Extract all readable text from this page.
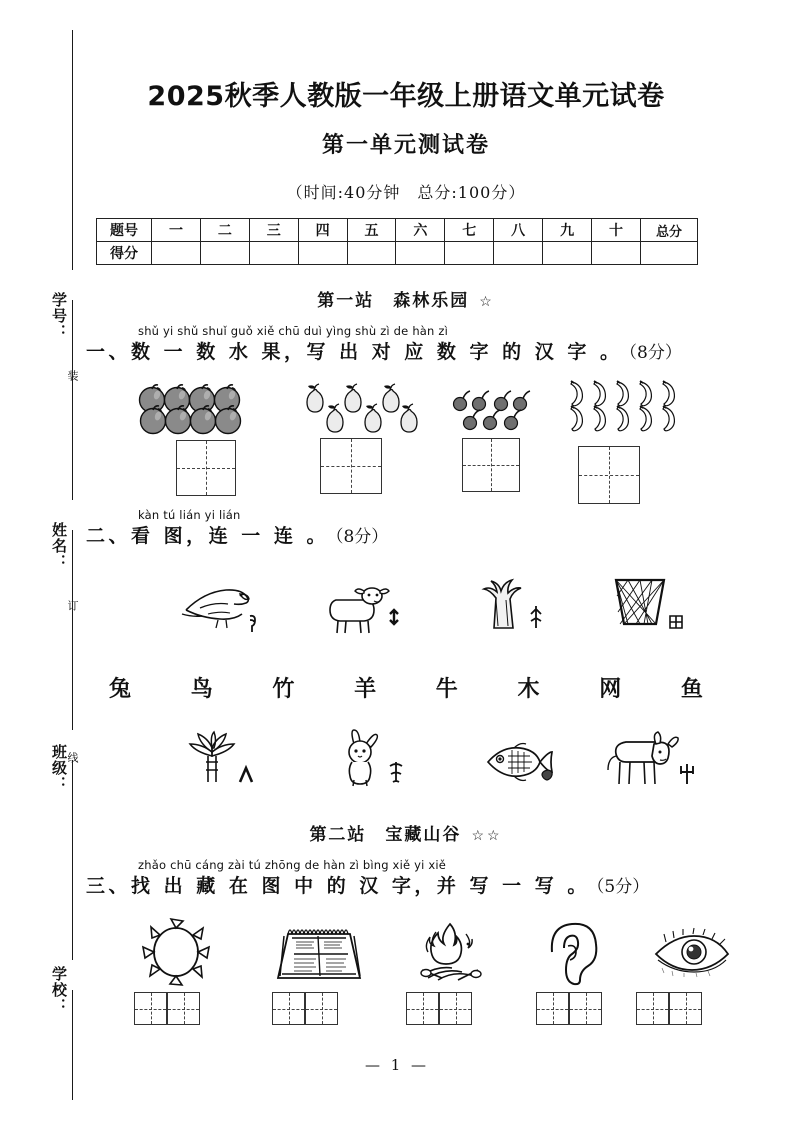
学号：
装
姓名：
订
班级：
线
学校：
2025秋季人教版一年级上册语文单元试卷
第一单元测试卷
（时间:40分钟　总分:100分）
题号	一	二	三	四	五	六	七	八	九	十	总分
得分											
第一站　森林乐园 ☆
shǔ yi shǔ shuǐ guǒ xiě chū duì yìng shù zì de hàn zì
一、数 一 数 水 果，写 出 对 应 数 字 的 汉 字 。 （8分）
kàn tú lián yi lián
二、看 图，连 一 连 。 （8分）
兔	鸟	竹	羊	牛	木	网	鱼
第二站　宝藏山谷 ☆☆
zhǎo chū cáng zài tú zhōng de hàn zì bìng xiě yi xiě
三、找 出 藏 在 图 中 的 汉 字，并 写 一 写 。 （5分）
— 1 —
